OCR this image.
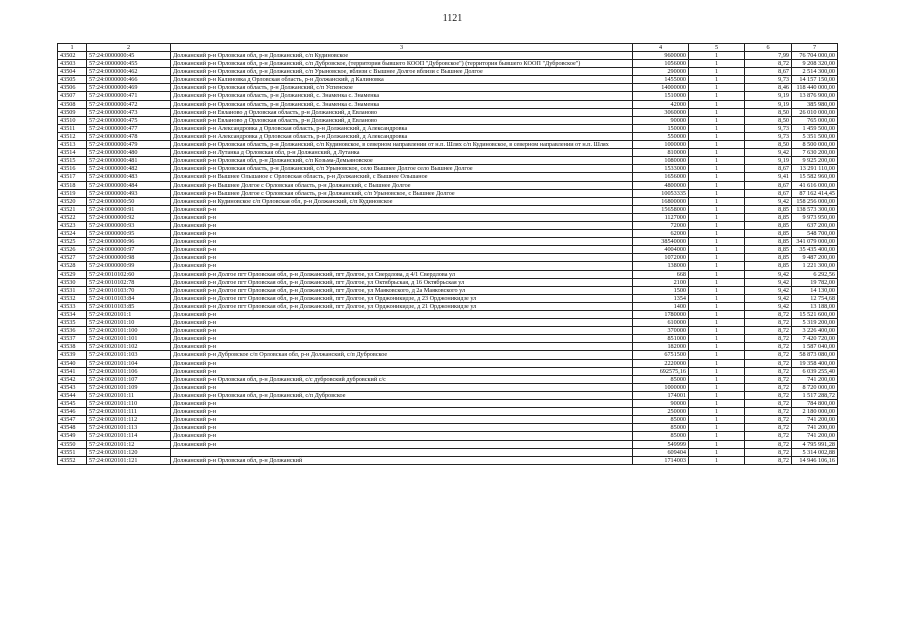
1121
1	2	3	4	5	6	7
43502	57:24:0000000:45	Должанский р-н Орловская обл, р-н Должанский, с/п Кудиновское	9600000	1	7,99	76 704 000,00
43503	57:24:0000000:455	Должанский р-н Орловская обл, р-н Должанский, с/п Дубровское, (территория бывшего КООП "Дубровское") (территория бывшего КООП "Дубровское")	1056000	1	8,72	9 208 320,00
43504	57:24:0000000:462	Должанский р-н Орловская обл, р-н Должанский, с/п Урыновское, вблизи с Вышнее Долгое вблизи с Вышнее Долгое	290000	1	8,67	2 514 300,00
43505	57:24:0000000:466	Должанский р-н Калиновка д Орловская область, р-н Должанский, д Калиновка	1455000	1	9,73	14 157 150,00
43506	57:24:0000000:469	Должанский р-н Орловская область, р-н Должанский, с/п Успенское	14000000	1	8,46	118 440 000,00
43507	57:24:0000000:471	Должанский р-н Орловская область, р-н Должанский, с. Знаменка с. Знаменка	1510000	1	9,19	13 876 900,00
43508	57:24:0000000:472	Должанский р-н Орловская область, р-н Должанский, с. Знаменка с. Знаменка	42000	1	9,19	385 980,00
43509	57:24:0000000:473	Должанский р-н Евланово д Орловская область, р-н Должанский, д Евланово	3060000	1	8,50	26 010 000,00
43510	57:24:0000000:475	Должанский р-н Евланово д Орловская область, р-н Должанский, д Евланово	90000	1	8,50	765 000,00
43511	57:24:0000000:477	Должанский р-н Александровка д Орловская область, р-н Должанский, д Александровка	150000	1	9,73	1 459 500,00
43512	57:24:0000000:478	Должанский р-н Александровка д Орловская область, р-н Должанский, д Александровка	550000	1	9,73	5 351 500,00
43513	57:24:0000000:479	Должанский р-н Орловская область, р-н Должанский, с/п Кудиновское, в северном направлении от н.п. Шлях с/п Кудиновское, в северном направлении от н.п. Шлях	1000000	1	8,50	8 500 000,00
43514	57:24:0000000:480	Должанский р-н Лутанка д Орловская обл, р-н Должанский, д Лутанка	810000	1	9,42	7 630 200,00
43515	57:24:0000000:481	Должанский р-н Орловская обл, р-н Должанский, с/п Козьма-Демьяновское	1080000	1	9,19	9 925 200,00
43516	57:24:0000000:482	Должанский р-н Орловская область, р-н Должанский, с/п Урыновское, село Вышнее Долгое село Вышнее Долгое	1533000	1	8,67	13 291 110,00
43517	57:24:0000000:483	Должанский р-н Вышнее Ольшаное с Орловская область, р-н Должанский, с Вышнее Ольшаное	1656000	1	9,41	15 582 960,00
43518	57:24:0000000:484	Должанский р-н Вышнее Долгое с Орловская область, р-н Должанский, с Вышнее Долгое	4800000	1	8,67	41 616 000,00
43519	57:24:0000000:493	Должанский р-н Вышнее Долгое с Орловская область, р-н Должанский, с/п Урыновское, с Вышнее Долгое	10053335	1	8,67	87 162 414,45
43520	57:24:0000000:50	Должанский р-н Кудиновское с/п Орловская обл, р-н Должанский, с/п Кудиновское	16800000	1	9,42	158 256 000,00
43521	57:24:0000000:91	Должанский р-н	15658000	1	8,85	138 573 300,00
43522	57:24:0000000:92	Должанский р-н	1127000	1	8,85	9 973 950,00
43523	57:24:0000000:93	Должанский р-н	72000	1	8,85	637 200,00
43524	57:24:0000000:95	Должанский р-н	62000	1	8,85	548 700,00
43525	57:24:0000000:96	Должанский р-н	38540000	1	8,85	341 079 000,00
43526	57:24:0000000:97	Должанский р-н	4004000	1	8,85	35 435 400,00
43527	57:24:0000000:98	Должанский р-н	1072000	1	8,85	9 487 200,00
43528	57:24:0000000:99	Должанский р-н	138000	1	8,85	1 221 300,00
43529	57:24:0010102:60	Должанский р-н Долгое пгт Орловская обл, р-н Должанский, пгт Долгое, ул Свердлова, д 4/1 Свердлова ул	668	1	9,42	6 292,56
43530	57:24:0010102:78	Должанский р-н Долгое пгт Орловская обл, р-н Должанский, пгт Долгое, ул Октябрьская, д 16 Октябрьская ул	2100	1	9,42	19 782,00
43531	57:24:0010103:70	Должанский р-н Долгое пгт Орловская обл, р-н Должанский, пгт Долгое, ул Маяковского, д 2а Маяковского ул	1500	1	9,42	14 130,00
43532	57:24:0010103:84	Должанский р-н Долгое пгт Орловская обл, р-н Должанский, пгт Долгое, ул Орджоникидзе, д 23 Орджоникидзе ул	1354	1	9,42	12 754,68
43533	57:24:0010103:85	Должанский р-н Долгое пгт Орловская обл, р-н Должанский, пгт Долгое, ул Орджоникидзе, д 21 Орджоникидзе ул	1400	1	9,42	13 188,00
43534	57:24:0020101:1	Должанский р-н	1780000	1	8,72	15 521 600,00
43535	57:24:0020101:10	Должанский р-н	610000	1	8,72	5 319 200,00
43536	57:24:0020101:100	Должанский р-н	370000	1	8,72	3 226 400,00
43537	57:24:0020101:101	Должанский р-н	851000	1	8,72	7 420 720,00
43538	57:24:0020101:102	Должанский р-н	182000	1	8,72	1 587 040,00
43539	57:24:0020101:103	Должанский р-н Дубровское с/п Орловская обл, р-н Должанский, с/п Дубровское	6751500	1	8,72	58 873 080,00
43540	57:24:0020101:104	Должанский р-н	2220000	1	8,72	19 358 400,00
43541	57:24:0020101:106	Должанский р-н	692575,16	1	8,72	6 039 255,40
43542	57:24:0020101:107	Должанский р-н Орловская обл, р-н Должанский, с/с дубровский дубровский с/с	85000	1	8,72	741 200,00
43543	57:24:0020101:109	Должанский р-н	1000000	1	8,72	8 720 000,00
43544	57:24:0020101:11	Должанский р-н Орловская обл, р-н Должанский, с/п Дубровское	174001	1	8,72	1 517 288,72
43545	57:24:0020101:110	Должанский р-н	90000	1	8,72	784 800,00
43546	57:24:0020101:111	Должанский р-н	250000	1	8,72	2 180 000,00
43547	57:24:0020101:112	Должанский р-н	85000	1	8,72	741 200,00
43548	57:24:0020101:113	Должанский р-н	85000	1	8,72	741 200,00
43549	57:24:0020101:114	Должанский р-н	85000	1	8,72	741 200,00
43550	57:24:0020101:12	Должанский р-н	549999	1	8,72	4 795 991,28
43551	57:24:0020101:120		609404	1	8,72	5 314 002,88
43552	57:24:0020101:121	Должанский р-н Орловская обл, р-н Должанский	1714003	1	8,72	14 946 106,16
